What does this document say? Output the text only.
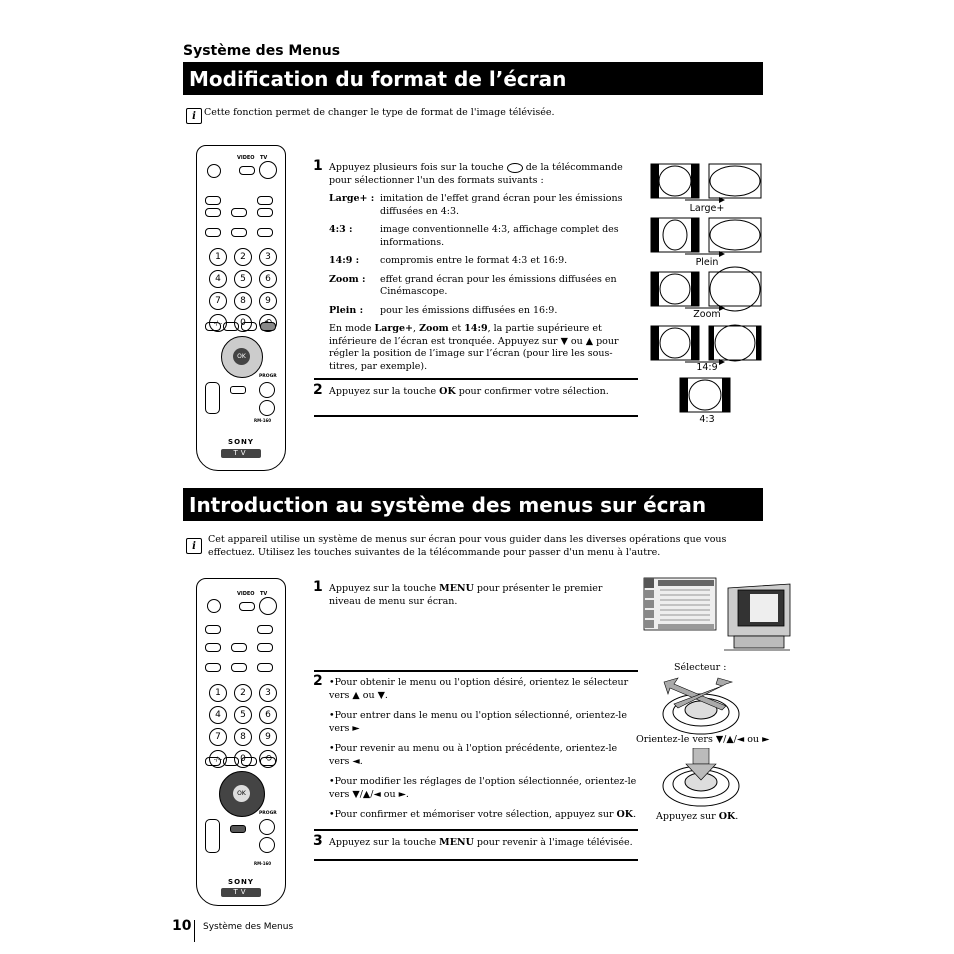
Système des Menus
Modification du format de l’écran
i Cette fonction permet de changer le type de format de l'image télévisée.
VIDEO TV
1	2	3
4	5	6
7	8	9
-/--	0
OK
PROGR
RM-160
SONY
TV
1 Appuyez plusieurs fois sur la touche de la télécommande pour sélectionner l'un des formats suivants :
Large+ : imitation de l'effet grand écran pour les émissions diffusées en 4:3.
4:3 :	image conventionnelle 4:3, affichage complet des informations.
14:9 :	compromis entre le format 4:3 et 16:9.
Zoom :	effet grand écran pour les émissions diffusées en Cinémascope.
Plein :	pour les émissions diffusées en 16:9.
En mode Large+, Zoom et 14:9, la partie supérieure et inférieure de l’écran est tronquée. Appuyez sur ▼ ou ▲ pour régler la position de l’image sur l’écran (pour lire les sous-titres, par exemple).
2 Appuyez sur la touche OK pour confirmer votre sélection.
Large+
Plein
Zoom
14:9
4:3
Introduction au système des menus sur écran
i
Cet appareil utilise un système de menus sur écran pour vous guider dans les diverses opérations que vous effectuez. Utilisez les touches suivantes de la télécommande pour passer d'un menu à l'autre.
VIDEO TV
1	2	3
4	5	6
7	8	9
-/--	0	⟲
OK
PROGR
RM-160
SONY
TV
1 Appuyez sur la touche MENU pour présenter le premier niveau de menu sur écran.
2 •Pour obtenir le menu ou l'option désiré, orientez le sélecteur vers ▲ ou ▼.
•Pour entrer dans le menu ou l'option sélectionné, orientez-le vers ►
•Pour revenir au menu ou à l'option précédente, orientez-le vers ◄.
•Pour modifier les réglages de l'option sélectionnée, orientez-le vers ▼/▲/◄ ou ►.
•Pour confirmer et mémoriser votre sélection, appuyez sur OK.
Sélecteur :
Orientez-le vers ▼/▲/◄ ou ►
Appuyez sur OK.
3 Appuyez sur la touche MENU pour revenir à l'image télévisée.
10 Système des Menus
